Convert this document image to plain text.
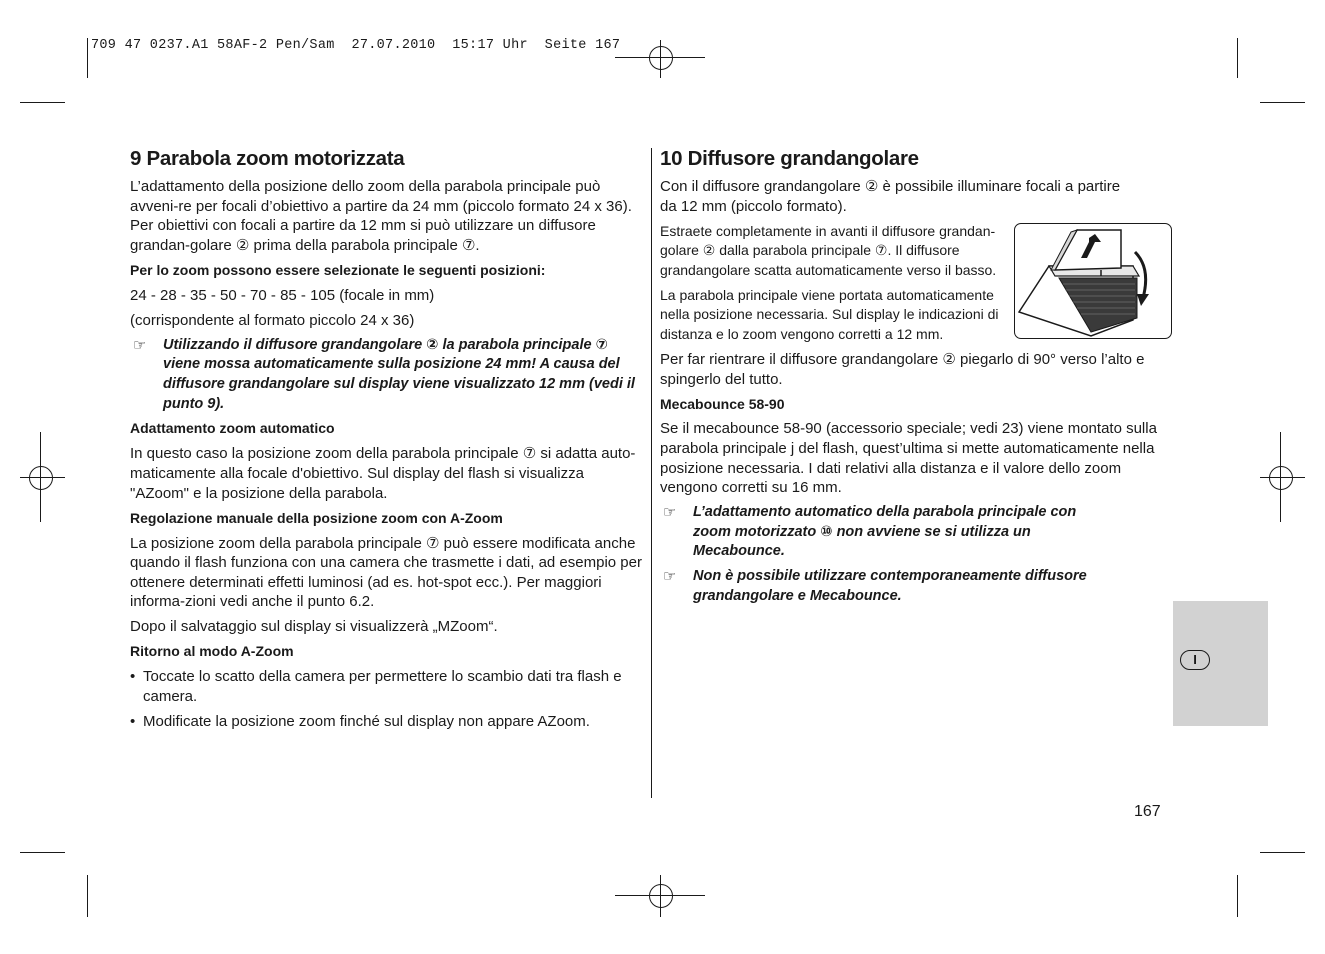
709 47 0237.A1 58AF-2 Pen/Sam  27.07.2010  15:17 Uhr  Seite 167
9 Parabola zoom motorizzata

L’adattamento della posizione dello zoom della parabola principale può avveni-re per focali d’obiettivo a partire da 24 mm (piccolo formato 24 x 36). Per obiettivi con focali a partire da 12 mm si può utilizzare un diffusore grandan-golare ② prima della parabola principale ⑦.

Per lo zoom possono essere selezionate le seguenti posizioni:

24 - 28 - 35 - 50 - 70 - 85 - 105 (focale in mm)

(corrispondente al formato piccolo 24 x 36)

☞ Utilizzando il diffusore grandangolare ② la parabola principale ⑦ viene mossa automaticamente sulla posizione 24 mm! A causa del diffusore grandangolare sul display viene visualizzato 12 mm (vedi il punto 9).

Adattamento zoom automatico

In questo caso la posizione zoom della parabola principale ⑦ si adatta auto-maticamente alla focale d'obiettivo. Sul display del flash si visualizza "AZoom" e la posizione della parabola.

Regolazione manuale della posizione zoom con A-Zoom

La posizione zoom della parabola principale ⑦ può essere modificata anche quando il flash funziona con una camera che trasmette i dati, ad esempio per ottenere determinati effetti luminosi (ad es. hot-spot ecc.). Per maggiori informa-zioni vedi anche il punto 6.2.

Dopo il salvataggio sul display si visualizzerà „MZoom“.

Ritorno al modo A-Zoom

• Toccate lo scatto della camera per permettere lo scambio dati tra flash e camera.
• Modificate la posizione zoom finché sul display non appare AZoom.
10 Diffusore grandangolare

Con il diffusore grandangolare ② è possibile illuminare focali a partire da 12 mm (piccolo formato).

Estraete completamente in avanti il diffusore grandan-golare ② dalla parabola principale ⑦. Il diffusore grandangolare scatta automaticamente verso il basso.

La parabola principale viene portata automaticamente nella posizione necessaria. Sul display le indicazioni di distanza e lo zoom vengono corretti a 12 mm.

Per far rientrare il diffusore grandangolare ② piegarlo di 90° verso l’alto e spingerlo del tutto.

Mecabounce 58-90

Se il mecabounce 58-90 (accessorio speciale; vedi 23) viene montato sulla parabola principale j del flash, quest’ultima si mette automaticamente nella posizione necessaria. I dati relativi alla distanza e il valore dello zoom vengono corretti su 16 mm.

☞ L’adattamento automatico della parabola principale con zoom motorizzato ⑩ non avviene se si utilizza un Mecabounce.
☞ Non è possibile utilizzare contemporaneamente diffusore grandangolare e Mecabounce.
I
167
